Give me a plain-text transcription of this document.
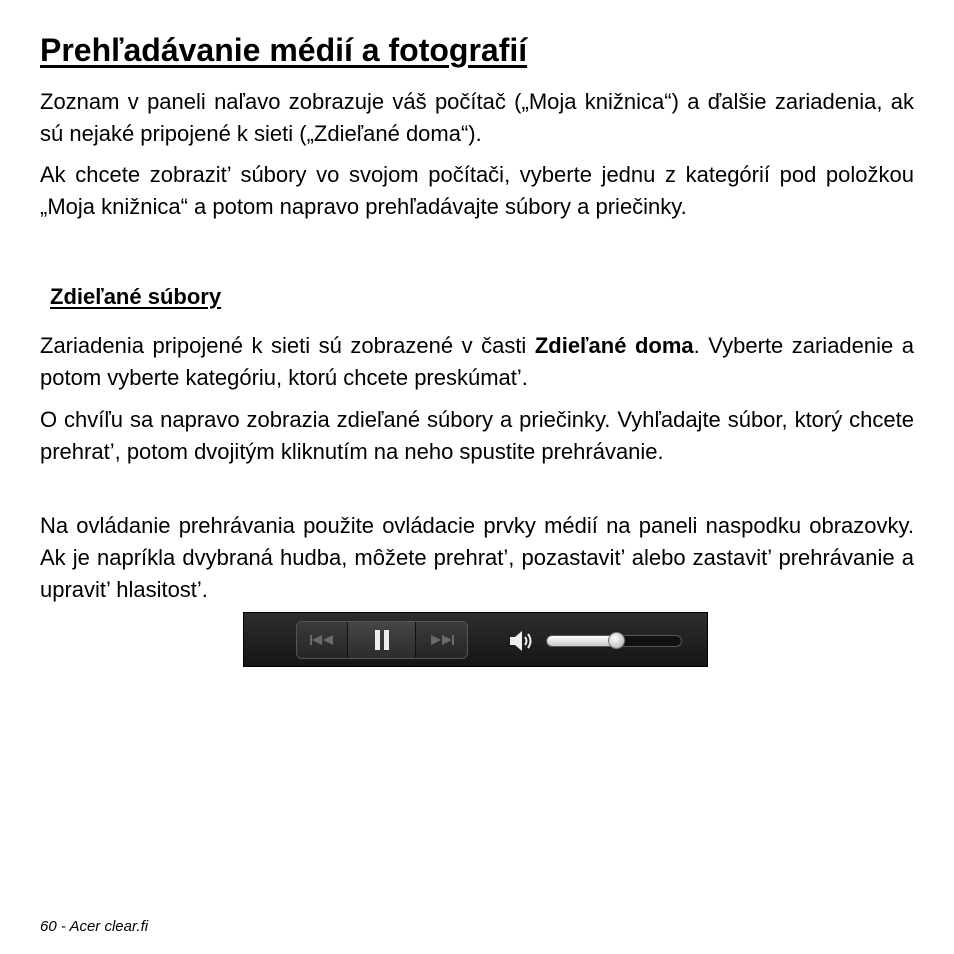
Prehľadávanie médií a fotografií

Zoznam v paneli naľavo zobrazuje váš počítač („Moja knižnica“) a ďalšie zariadenia, ak sú nejaké pripojené k sieti („Zdieľané doma“).

Ak chcete zobrazit’ súbory vo svojom počítači, vyberte jednu z kategórií pod položkou „Moja knižnica“ a potom napravo prehľadávajte súbory a priečinky.

Zdieľané súbory

Zariadenia pripojené k sieti sú zobrazené v časti Zdieľané doma. Vyberte zariadenie a potom vyberte kategóriu, ktorú chcete preskúmat’.

O chvíľu sa napravo zobrazia zdieľané súbory a priečinky. Vyhľadajte súbor, ktorý chcete prehrat’, potom dvojitým kliknutím na neho spustite prehrávanie.

Na ovládanie prehrávania použite ovládacie prvky médií na paneli naspodku obrazovky. Ak je napríkla dvybraná hudba, môžete prehrat’, pozastavit’ alebo zastavit’ prehrávanie a upravit’ hlasitost’.

60 - Acer clear.fi
